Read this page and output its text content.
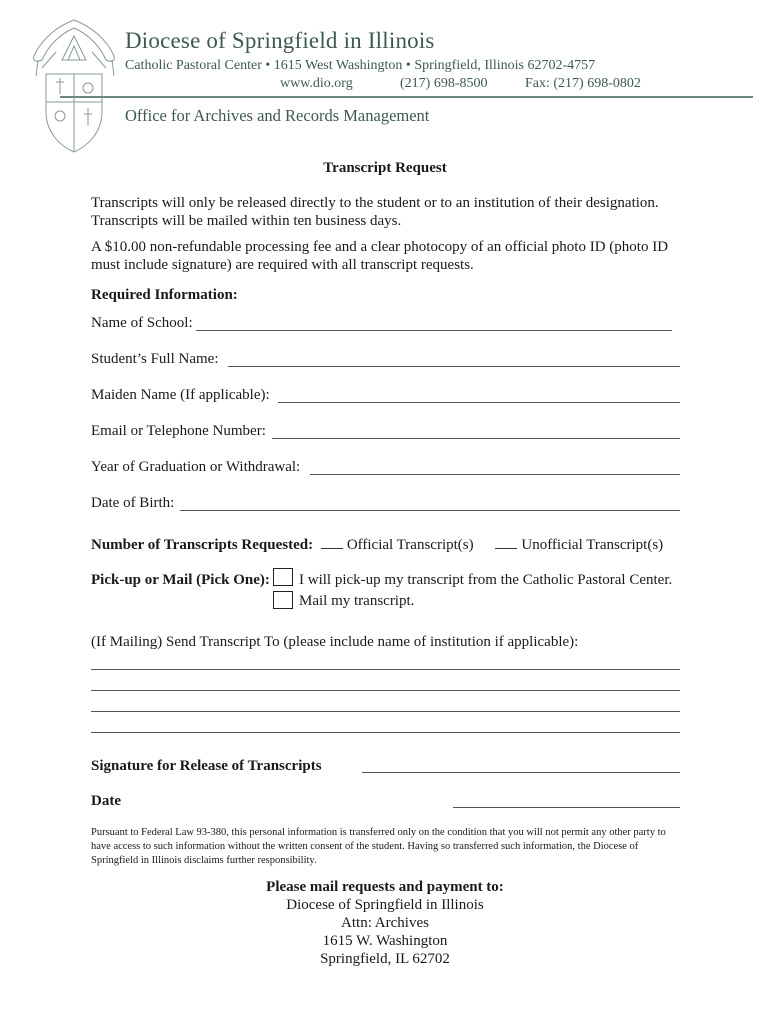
Diocese of Springfield in Illinois
Catholic Pastoral Center • 1615 West Washington • Springfield, Illinois 62702-4757
www.dio.org	(217) 698-8500	Fax: (217) 698-0802
Office for Archives and Records Management
Transcript Request
Transcripts will only be released directly to the student or to an institution of their designation. Transcripts will be mailed within ten business days.
A $10.00 non-refundable processing fee and a clear photocopy of an official photo ID (photo ID must include signature) are required with all transcript requests.
Required Information:
Name of School:
Student’s Full Name:
Maiden Name (If applicable):
Email or Telephone Number:
Year of Graduation or Withdrawal:
Date of Birth:
Number of Transcripts Requested: Official Transcript(s)	Unofficial Transcript(s)
Pick-up or Mail (Pick One): I will pick-up my transcript from the Catholic Pastoral Center.
Mail my transcript.
(If Mailing) Send Transcript To (please include name of institution if applicable):
Signature for Release of Transcripts
Date
Pursuant to Federal Law 93-380, this personal information is transferred only on the condition that you will not permit any other party to have access to such information without the written consent of the student. Having so transferred such information, the Diocese of Springfield in Illinois disclaims further responsibility.
Please mail requests and payment to:
Diocese of Springfield in Illinois
Attn: Archives
1615 W. Washington
Springfield, IL 62702
